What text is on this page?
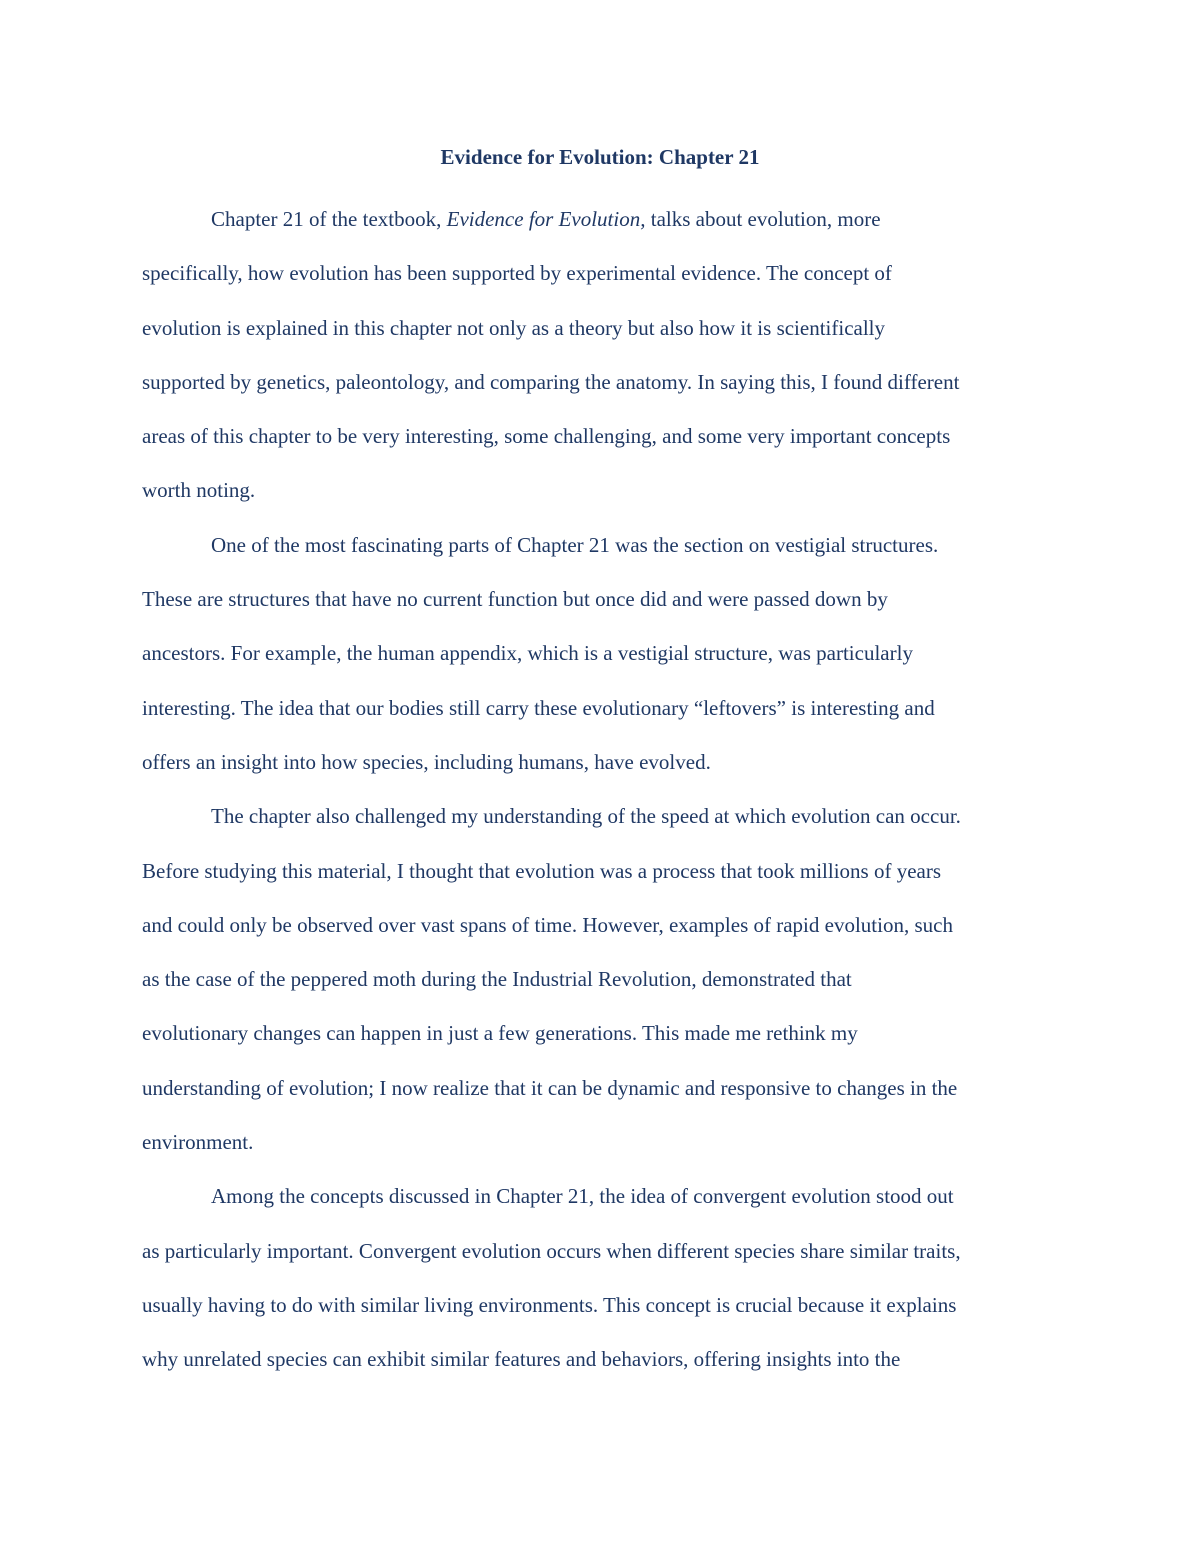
Evidence for Evolution: Chapter 21
Chapter 21 of the textbook, Evidence for Evolution, talks about evolution, more
specifically, how evolution has been supported by experimental evidence. The concept of
evolution is explained in this chapter not only as a theory but also how it is scientifically
supported by genetics, paleontology, and comparing the anatomy. In saying this, I found different
areas of this chapter to be very interesting, some challenging, and some very important concepts
worth noting.
One of the most fascinating parts of Chapter 21 was the section on vestigial structures.
These are structures that have no current function but once did and were passed down by
ancestors. For example, the human appendix, which is a vestigial structure, was particularly
interesting. The idea that our bodies still carry these evolutionary “leftovers” is interesting and
offers an insight into how species, including humans, have evolved.
The chapter also challenged my understanding of the speed at which evolution can occur.
Before studying this material, I thought that evolution was a process that took millions of years
and could only be observed over vast spans of time. However, examples of rapid evolution, such
as the case of the peppered moth during the Industrial Revolution, demonstrated that
evolutionary changes can happen in just a few generations. This made me rethink my
understanding of evolution; I now realize that it can be dynamic and responsive to changes in the
environment.
Among the concepts discussed in Chapter 21, the idea of convergent evolution stood out
as particularly important. Convergent evolution occurs when different species share similar traits,
usually having to do with similar living environments. This concept is crucial because it explains
why unrelated species can exhibit similar features and behaviors, offering insights into the
